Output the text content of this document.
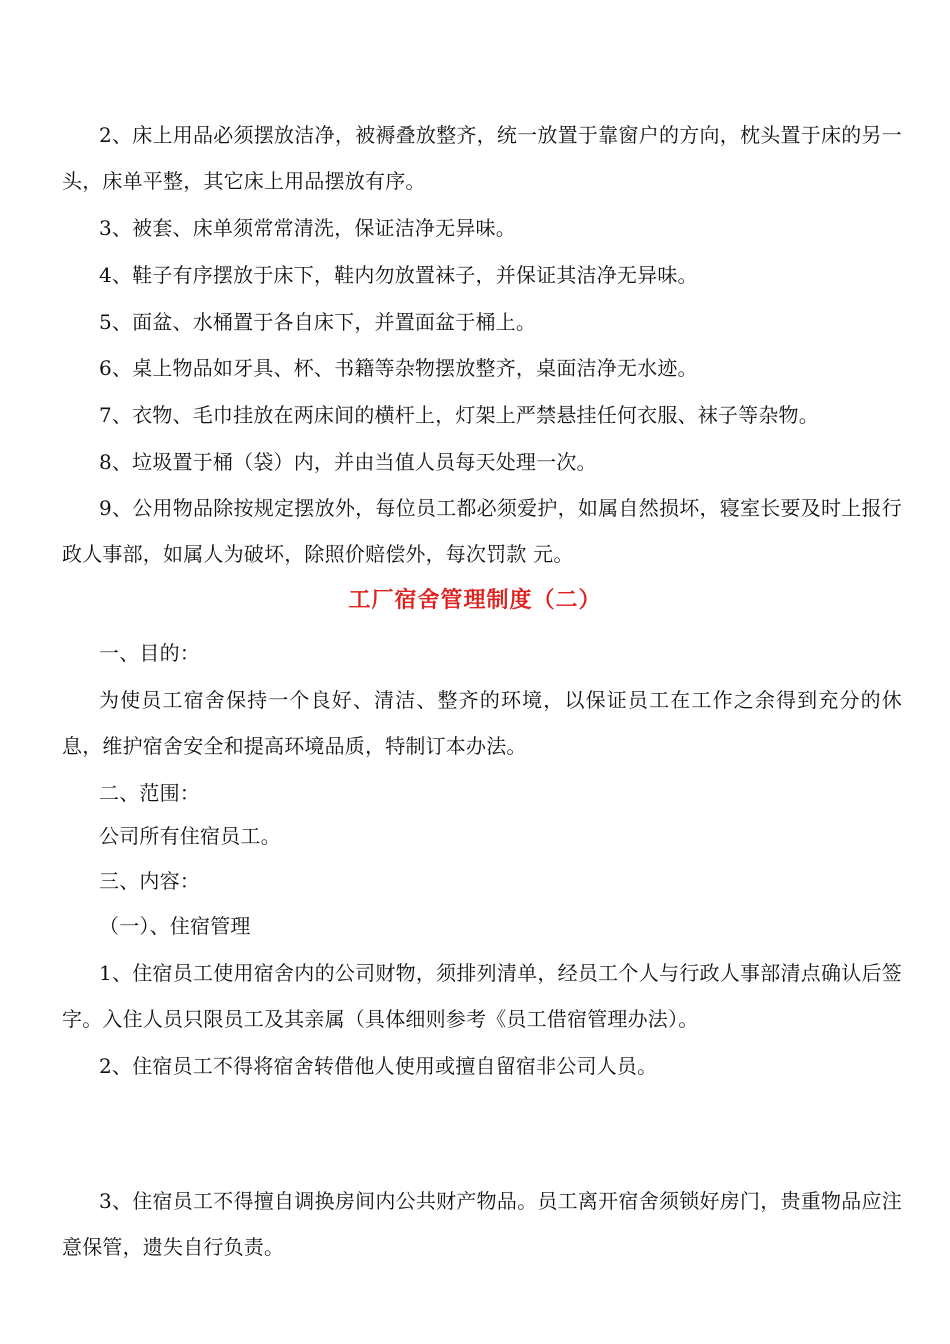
2、床上用品必须摆放洁净，被褥叠放整齐，统一放置于靠窗户的方向，枕头置于床的另一头，床单平整，其它床上用品摆放有序。

3、被套、床单须常常清洗，保证洁净无异味。

4、鞋子有序摆放于床下，鞋内勿放置袜子，并保证其洁净无异味。

5、面盆、水桶置于各自床下，并置面盆于桶上。

6、桌上物品如牙具、杯、书籍等杂物摆放整齐，桌面洁净无水迹。

7、衣物、毛巾挂放在两床间的横杆上，灯架上严禁悬挂任何衣服、袜子等杂物。

8、垃圾置于桶（袋）内，并由当值人员每天处理一次。

9、公用物品除按规定摆放外，每位员工都必须爱护，如属自然损坏，寝室长要及时上报行政人事部，如属人为破坏，除照价赔偿外，每次罚款 元。

工厂宿舍管理制度（二）

一、目的：

为使员工宿舍保持一个良好、清洁、整齐的环境，以保证员工在工作之余得到充分的休息，维护宿舍安全和提高环境品质，特制订本办法。

二、范围：

公司所有住宿员工。

三、内容：

（一）、住宿管理

1、住宿员工使用宿舍内的公司财物，须排列清单，经员工个人与行政人事部清点确认后签字。入住人员只限员工及其亲属（具体细则参考《员工借宿管理办法）。

2、住宿员工不得将宿舍转借他人使用或擅自留宿非公司人员。

3、住宿员工不得擅自调换房间内公共财产物品。员工离开宿舍须锁好房门，贵重物品应注意保管，遗失自行负责。
